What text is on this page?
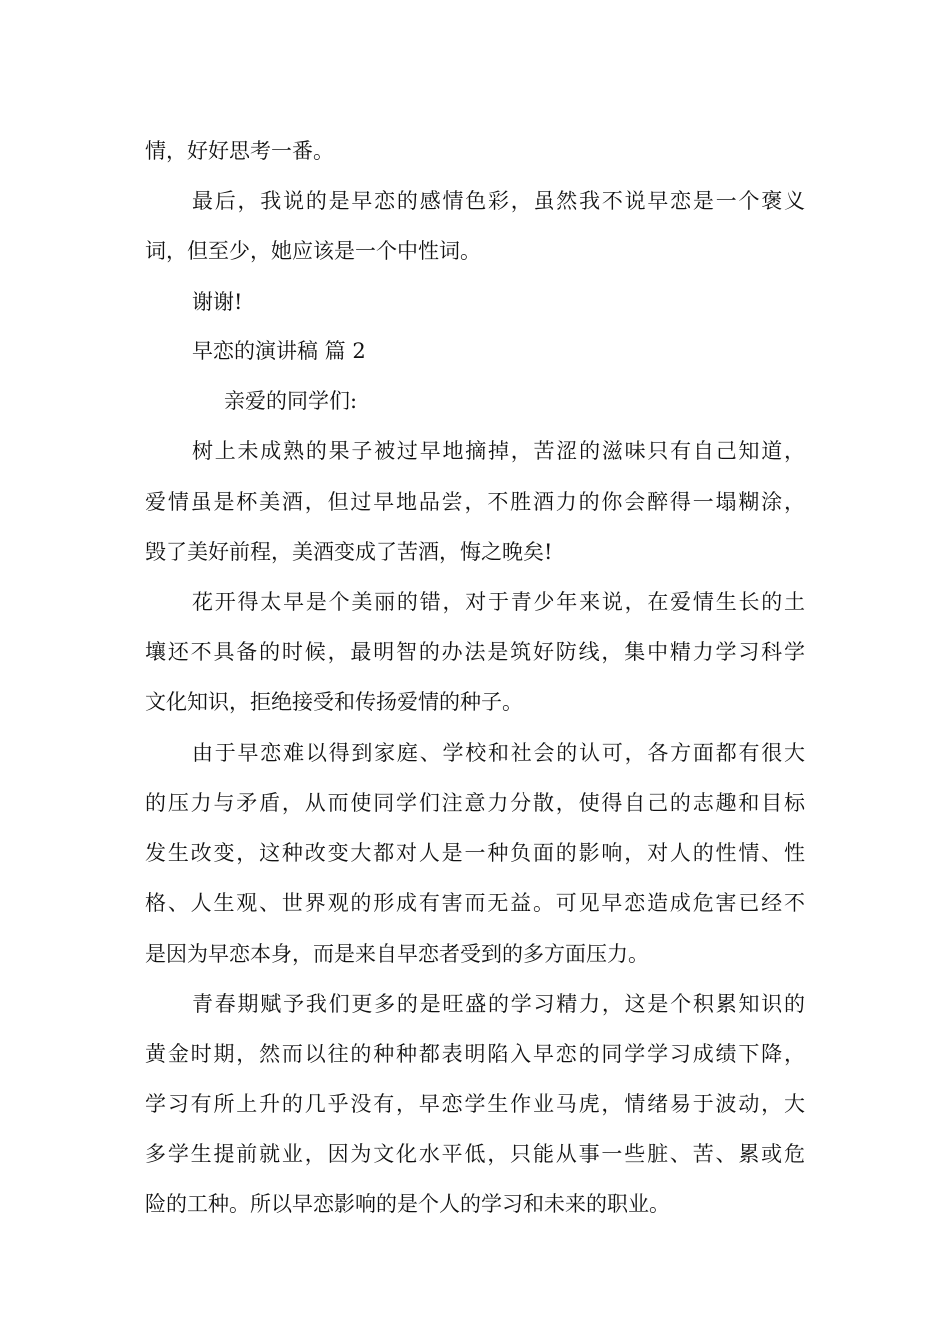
情，好好思考一番。
最后，我说的是早恋的感情色彩，虽然我不说早恋是一个褒义
词，但至少，她应该是一个中性词。
谢谢!
早恋的演讲稿 篇 2
亲爱的同学们:
树上未成熟的果子被过早地摘掉，苦涩的滋味只有自己知道，
爱情虽是杯美酒，但过早地品尝，不胜酒力的你会醉得一塌糊涂，
毁了美好前程，美酒变成了苦酒，悔之晚矣!
花开得太早是个美丽的错，对于青少年来说，在爱情生长的土
壤还不具备的时候，最明智的办法是筑好防线，集中精力学习科学
文化知识，拒绝接受和传扬爱情的种子。
由于早恋难以得到家庭、学校和社会的认可，各方面都有很大
的压力与矛盾，从而使同学们注意力分散，使得自己的志趣和目标
发生改变，这种改变大都对人是一种负面的影响，对人的性情、性
格、人生观、世界观的形成有害而无益。可见早恋造成危害已经不
是因为早恋本身，而是来自早恋者受到的多方面压力。
青春期赋予我们更多的是旺盛的学习精力，这是个积累知识的
黄金时期，然而以往的种种都表明陷入早恋的同学学习成绩下降，
学习有所上升的几乎没有，早恋学生作业马虎，情绪易于波动，大
多学生提前就业，因为文化水平低，只能从事一些脏、苦、累或危
险的工种。所以早恋影响的是个人的学习和未来的职业。
